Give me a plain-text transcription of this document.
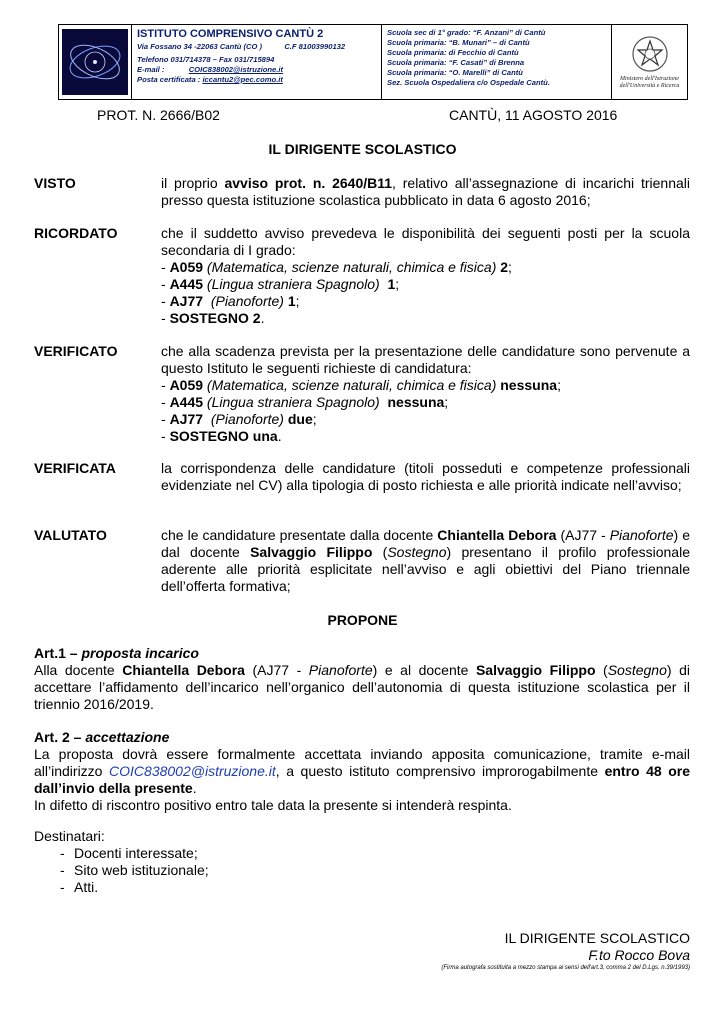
ISTITUTO COMPRENSIVO CANTÙ 2
Via Fossano 34 -22063 Cantù (CO )	C.F 81003990132
Telefono 031/714378 – Fax 031/715894
E-mail :	COIC838002@istruzione.it
Posta certificata : iccantu2@pec.como.it
Scuola sec di 1° grado: “F. Anzani” di Cantù
Scuola primaria: “B. Munari” – di Cantù
Scuola primaria: di Fecchio di Cantù
Scuola primaria: “F. Casati” di Brenna
Scuola primaria: “O. Marelli” di Cantù
Sez. Scuola Ospedaliera c/o Ospedale Cantù.	Ministero dell'Istruzione
dell'Università e Ricerca
PROT. N. 2666/B02	CANTÙ, 11 AGOSTO 2016
IL DIRIGENTE SCOLASTICO
VISTO	il proprio avviso prot. n. 2640/B11, relativo all’assegnazione di incarichi triennali presso questa istituzione scolastica pubblicato in data 6 agosto 2016;
RICORDATO	che il suddetto avviso prevedeva le disponibilità dei seguenti posti per la scuola secondaria di I grado:
- A059 (Matematica, scienze naturali, chimica e fisica) 2;
- A445 (Lingua straniera Spagnolo) 1;
- AJ77 (Pianoforte) 1;
- SOSTEGNO 2.
VERIFICATO	che alla scadenza prevista per la presentazione delle candidature sono pervenute a questo Istituto le seguenti richieste di candidatura:
- A059 (Matematica, scienze naturali, chimica e fisica) nessuna;
- A445 (Lingua straniera Spagnolo) nessuna;
- AJ77 (Pianoforte) due;
- SOSTEGNO una.
VERIFICATA	la corrispondenza delle candidature (titoli posseduti e competenze professionali evidenziate nel CV) alla tipologia di posto richiesta e alle priorità indicate nell’avviso;
VALUTATO	che le candidature presentate dalla docente Chiantella Debora (AJ77 - Pianoforte) e dal docente Salvaggio Filippo (Sostegno) presentano il profilo professionale aderente alle priorità esplicitate nell’avviso e agli obiettivi del Piano triennale dell’offerta formativa;
PROPONE
Art.1 – proposta incarico
Alla docente Chiantella Debora (AJ77 - Pianoforte) e al docente Salvaggio Filippo (Sostegno) di accettare l’affidamento dell’incarico nell’organico dell’autonomia di questa istituzione scolastica per il triennio 2016/2019.
Art. 2 – accettazione
La proposta dovrà essere formalmente accettata inviando apposita comunicazione, tramite e-mail all’indirizzo COIC838002@istruzione.it, a questo istituto comprensivo improrogabilmente entro 48 ore dall’invio della presente.
In difetto di riscontro positivo entro tale data la presente si intenderà respinta.
Destinatari:
- Docenti interessate;
- Sito web istituzionale;
- Atti.
IL DIRIGENTE SCOLASTICO
F.to Rocco Bova
(Firma autografa sostituita a mezzo stampa ai sensi dell'art.3, comma 2 del D.Lgs. n.39/1993)
